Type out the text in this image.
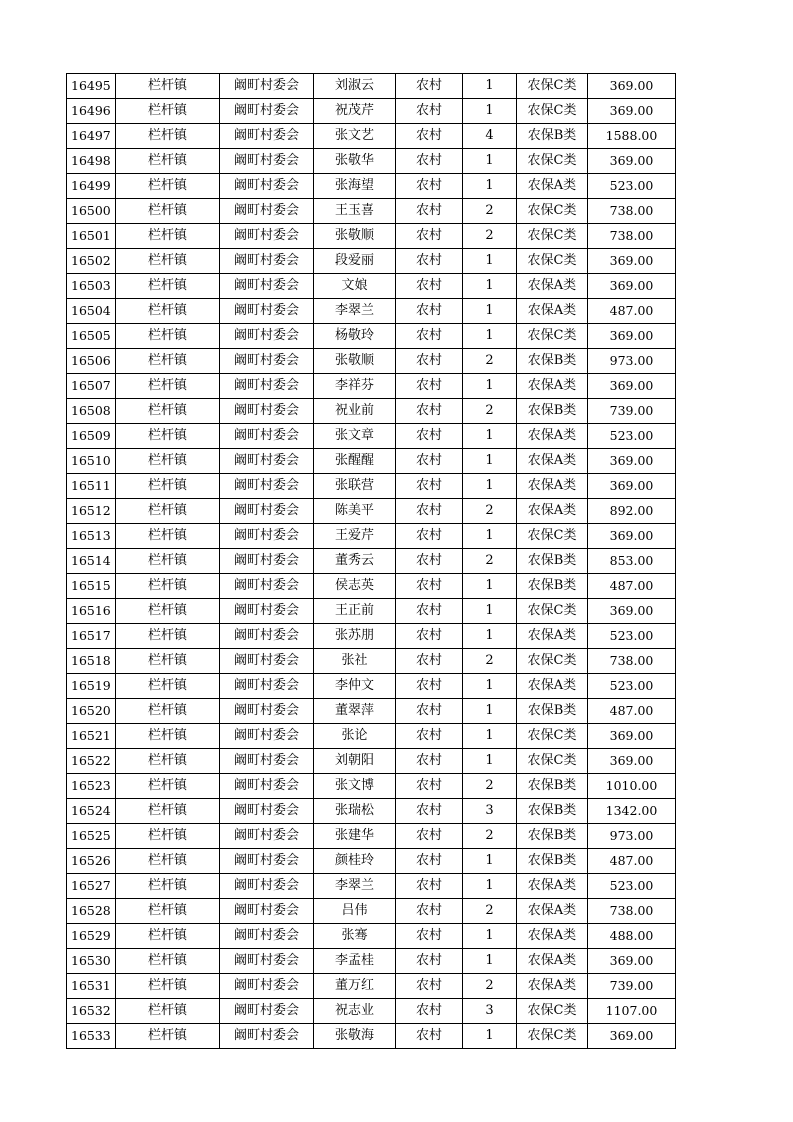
16495	栏杆镇	阚町村委会	刘淑云	农村	1	农保C类	369.00
16496	栏杆镇	阚町村委会	祝茂芹	农村	1	农保C类	369.00
16497	栏杆镇	阚町村委会	张文艺	农村	4	农保B类	1588.00
16498	栏杆镇	阚町村委会	张敬华	农村	1	农保C类	369.00
16499	栏杆镇	阚町村委会	张海望	农村	1	农保A类	523.00
16500	栏杆镇	阚町村委会	王玉喜	农村	2	农保C类	738.00
16501	栏杆镇	阚町村委会	张敬顺	农村	2	农保C类	738.00
16502	栏杆镇	阚町村委会	段爱丽	农村	1	农保C类	369.00
16503	栏杆镇	阚町村委会	文娘	农村	1	农保A类	369.00
16504	栏杆镇	阚町村委会	李翠兰	农村	1	农保A类	487.00
16505	栏杆镇	阚町村委会	杨敬玲	农村	1	农保C类	369.00
16506	栏杆镇	阚町村委会	张敬顺	农村	2	农保B类	973.00
16507	栏杆镇	阚町村委会	李祥芬	农村	1	农保A类	369.00
16508	栏杆镇	阚町村委会	祝业前	农村	2	农保B类	739.00
16509	栏杆镇	阚町村委会	张文章	农村	1	农保A类	523.00
16510	栏杆镇	阚町村委会	张醒醒	农村	1	农保A类	369.00
16511	栏杆镇	阚町村委会	张联营	农村	1	农保A类	369.00
16512	栏杆镇	阚町村委会	陈美平	农村	2	农保A类	892.00
16513	栏杆镇	阚町村委会	王爱芹	农村	1	农保C类	369.00
16514	栏杆镇	阚町村委会	董秀云	农村	2	农保B类	853.00
16515	栏杆镇	阚町村委会	侯志英	农村	1	农保B类	487.00
16516	栏杆镇	阚町村委会	王正前	农村	1	农保C类	369.00
16517	栏杆镇	阚町村委会	张苏朋	农村	1	农保A类	523.00
16518	栏杆镇	阚町村委会	张社	农村	2	农保C类	738.00
16519	栏杆镇	阚町村委会	李仲文	农村	1	农保A类	523.00
16520	栏杆镇	阚町村委会	董翠萍	农村	1	农保B类	487.00
16521	栏杆镇	阚町村委会	张论	农村	1	农保C类	369.00
16522	栏杆镇	阚町村委会	刘朝阳	农村	1	农保C类	369.00
16523	栏杆镇	阚町村委会	张文博	农村	2	农保B类	1010.00
16524	栏杆镇	阚町村委会	张瑞松	农村	3	农保B类	1342.00
16525	栏杆镇	阚町村委会	张建华	农村	2	农保B类	973.00
16526	栏杆镇	阚町村委会	颜桂玲	农村	1	农保B类	487.00
16527	栏杆镇	阚町村委会	李翠兰	农村	1	农保A类	523.00
16528	栏杆镇	阚町村委会	吕伟	农村	2	农保A类	738.00
16529	栏杆镇	阚町村委会	张骞	农村	1	农保A类	488.00
16530	栏杆镇	阚町村委会	李孟桂	农村	1	农保A类	369.00
16531	栏杆镇	阚町村委会	董万红	农村	2	农保A类	739.00
16532	栏杆镇	阚町村委会	祝志业	农村	3	农保C类	1107.00
16533	栏杆镇	阚町村委会	张敬海	农村	1	农保C类	369.00
